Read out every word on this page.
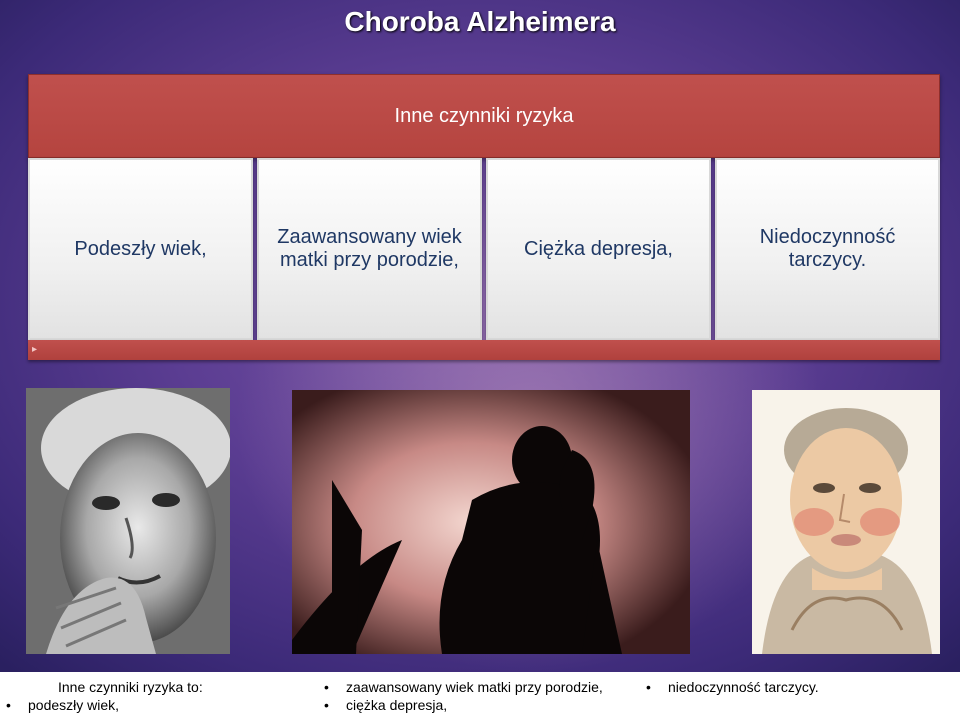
Choroba Alzheimera
Inne czynniki ryzyka
Podeszły wiek,
Zaawansowany wiek matki przy porodzie,
Ciężka depresja,
Niedoczynność tarczycy.
▸
Inne czynniki ryzyka to:
• podeszły wiek,
• zaawansowany wiek matki przy porodzie,
• ciężka depresja,
• niedoczynność tarczycy.
